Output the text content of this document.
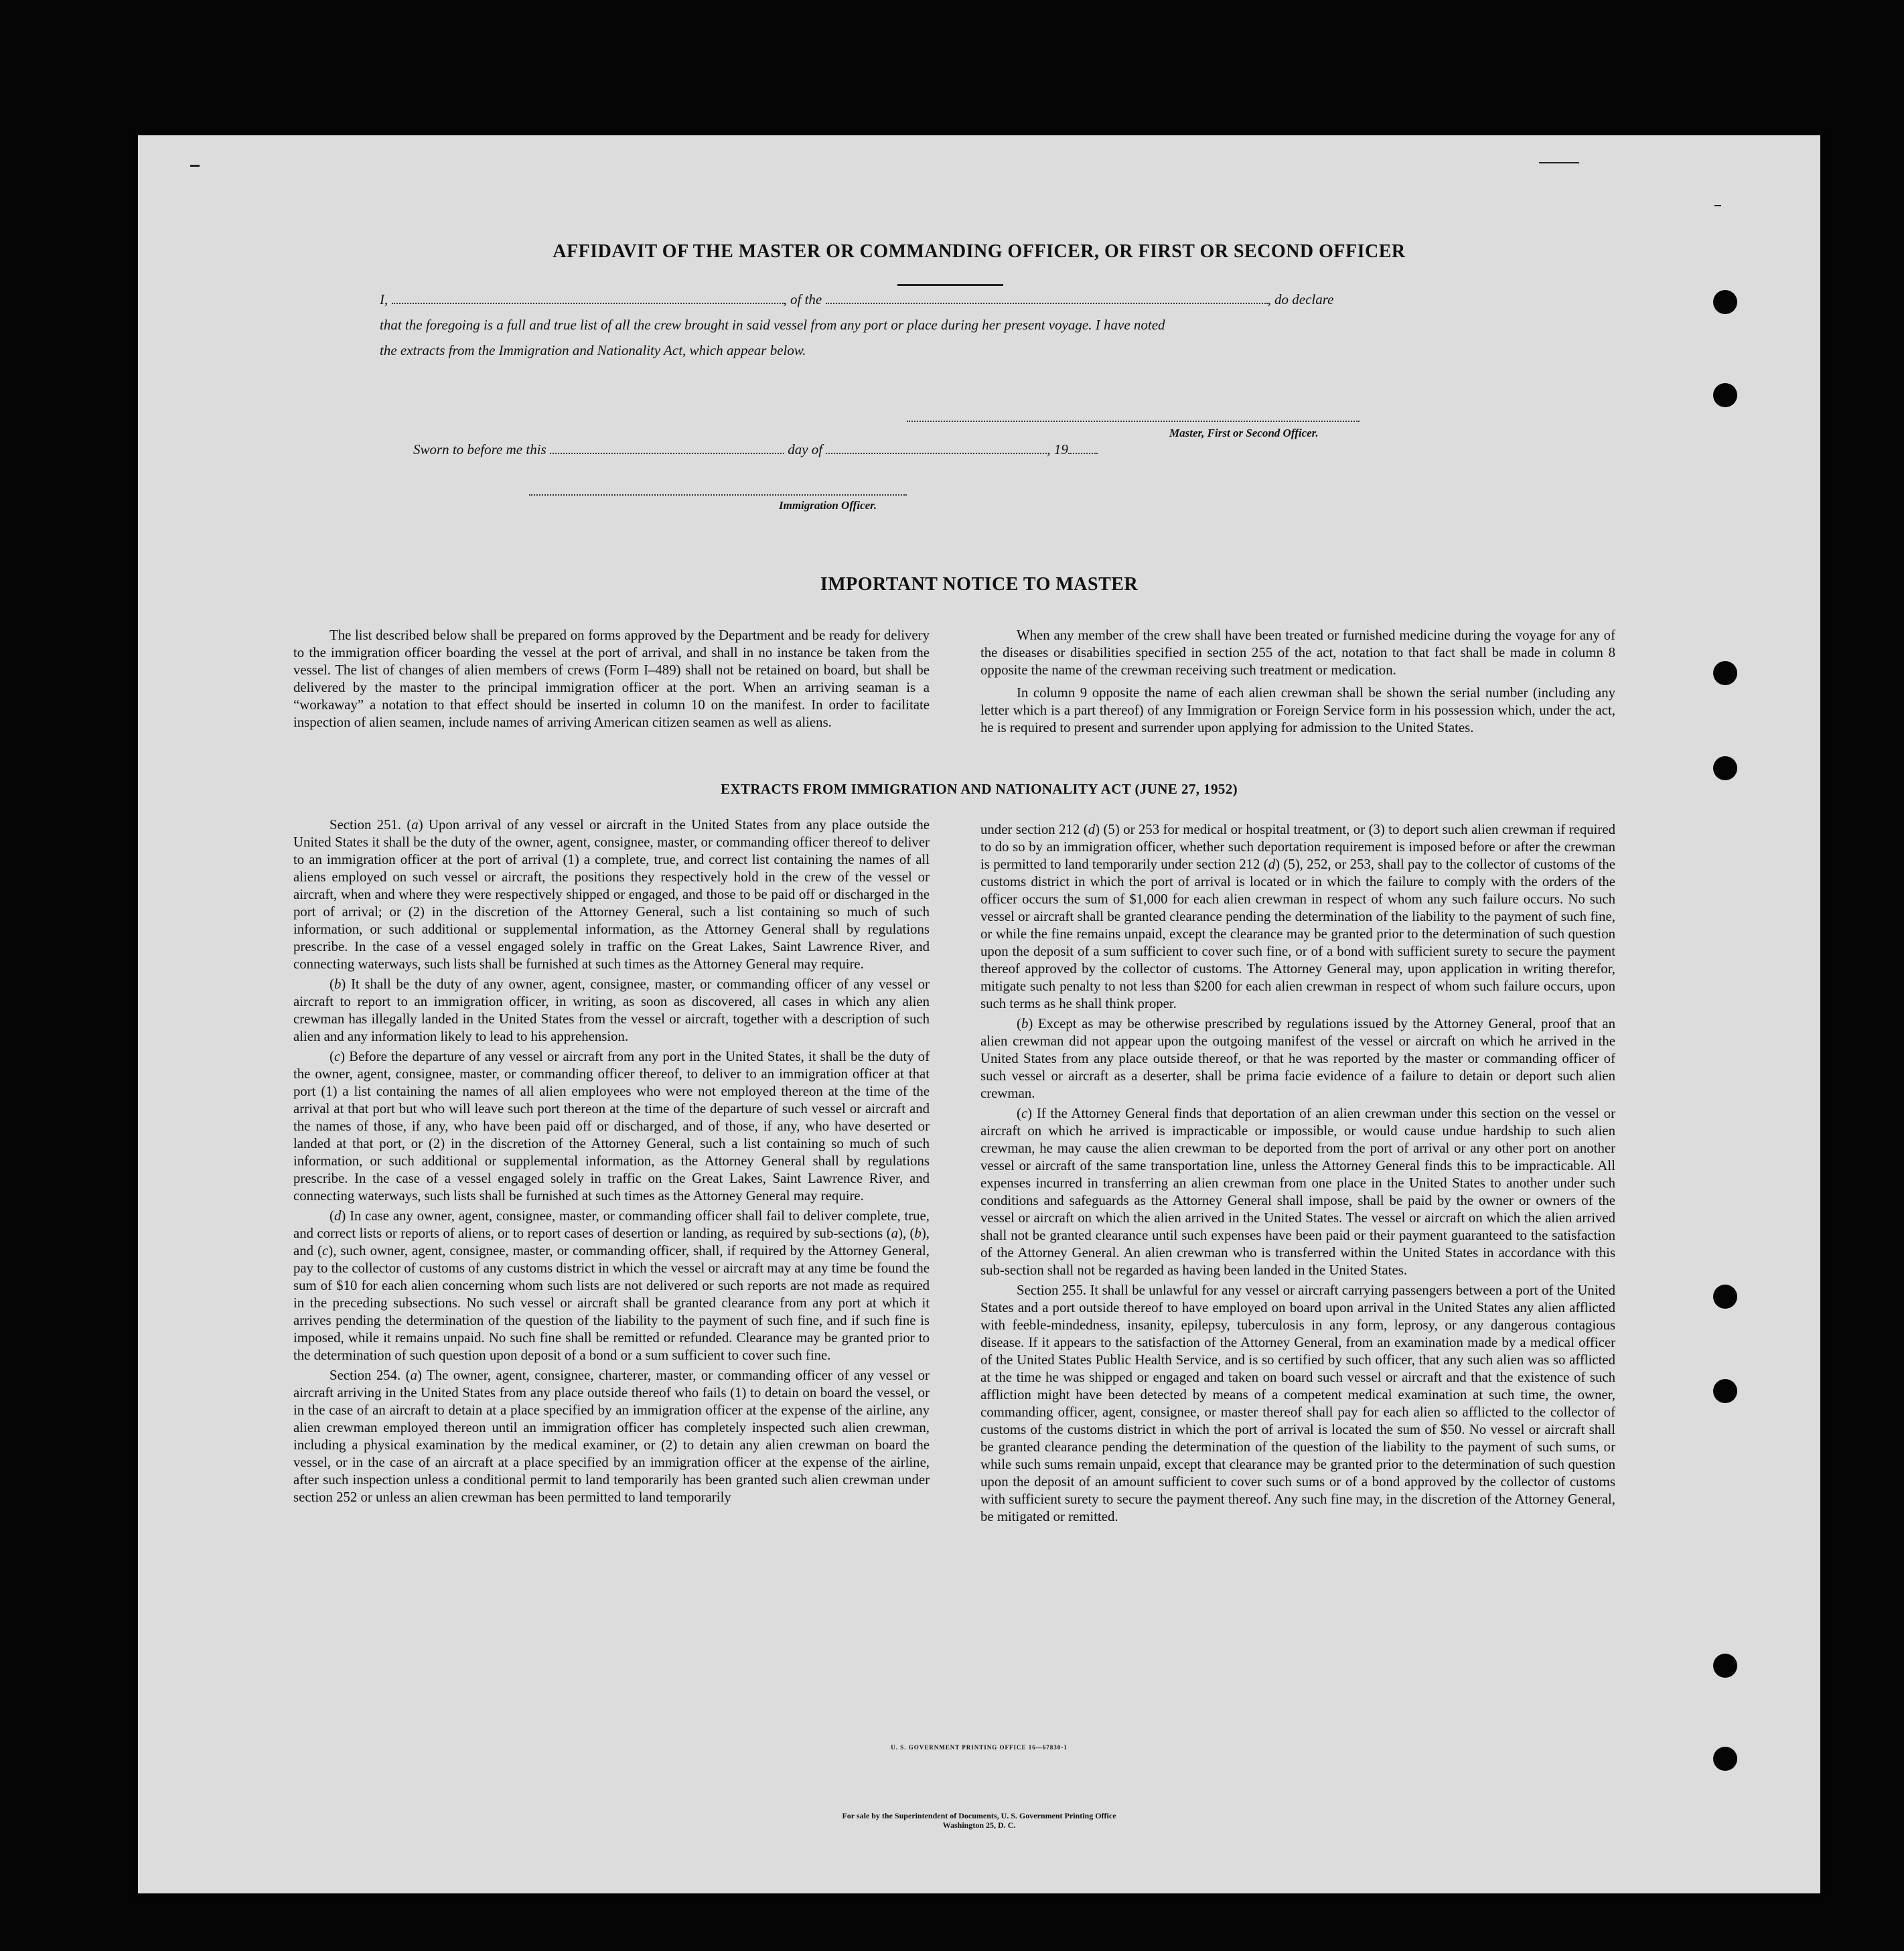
AFFIDAVIT OF THE MASTER OR COMMANDING OFFICER, OR FIRST OR SECOND OFFICER
I,	, of the	, do declare
that the foregoing is a full and true list of all the crew brought in said vessel from any port or place during her present voyage. I have noted
the extracts from the Immigration and Nationality Act, which appear below.
Master, First or Second Officer.
Sworn to before me this	day of	, 19
Immigration Officer.
IMPORTANT NOTICE TO MASTER

The list described below shall be prepared on forms approved by the Department and be ready for delivery to the immigration officer boarding the vessel at the port of arrival, and shall in no instance be taken from the vessel. The list of changes of alien members of crews (Form I–489) shall not be retained on board, but shall be delivered by the master to the principal immigration officer at the port. When an arriving seaman is a “workaway” a notation to that effect should be inserted in column 10 on the manifest. In order to facilitate inspection of alien seamen, include names of arriving American citizen seamen as well as aliens.

When any member of the crew shall have been treated or furnished medicine during the voyage for any of the diseases or disabilities specified in section 255 of the act, notation to that fact shall be made in column 8 opposite the name of the crewman receiving such treatment or medication.

In column 9 opposite the name of each alien crewman shall be shown the serial number (including any letter which is a part thereof) of any Immigration or Foreign Service form in his possession which, under the act, he is required to present and surrender upon applying for admission to the United States.

EXTRACTS FROM IMMIGRATION AND NATIONALITY ACT (JUNE 27, 1952)

Section 251. (a) Upon arrival of any vessel or aircraft in the United States from any place outside the United States it shall be the duty of the owner, agent, consignee, master, or commanding officer thereof to deliver to an immigration officer at the port of arrival (1) a complete, true, and correct list containing the names of all aliens employed on such vessel or aircraft, the positions they respectively hold in the crew of the vessel or aircraft, when and where they were respectively shipped or engaged, and those to be paid off or discharged in the port of arrival; or (2) in the discretion of the Attorney General, such a list containing so much of such information, or such additional or supplemental information, as the Attorney General shall by regulations prescribe. In the case of a vessel engaged solely in traffic on the Great Lakes, Saint Lawrence River, and connecting waterways, such lists shall be furnished at such times as the Attorney General may require.

(b) It shall be the duty of any owner, agent, consignee, master, or commanding officer of any vessel or aircraft to report to an immigration officer, in writing, as soon as discovered, all cases in which any alien crewman has illegally landed in the United States from the vessel or aircraft, together with a description of such alien and any information likely to lead to his apprehension.

(c) Before the departure of any vessel or aircraft from any port in the United States, it shall be the duty of the owner, agent, consignee, master, or commanding officer thereof, to deliver to an immigration officer at that port (1) a list containing the names of all alien employees who were not employed thereon at the time of the arrival at that port but who will leave such port thereon at the time of the departure of such vessel or aircraft and the names of those, if any, who have been paid off or discharged, and of those, if any, who have deserted or landed at that port, or (2) in the discretion of the Attorney General, such a list containing so much of such information, or such additional or supplemental information, as the Attorney General shall by regulations prescribe. In the case of a vessel engaged solely in traffic on the Great Lakes, Saint Lawrence River, and connecting waterways, such lists shall be furnished at such times as the Attorney General may require.

(d) In case any owner, agent, consignee, master, or commanding officer shall fail to deliver complete, true, and correct lists or reports of aliens, or to report cases of desertion or landing, as required by sub-sections (a), (b), and (c), such owner, agent, consignee, master, or commanding officer, shall, if required by the Attorney General, pay to the collector of customs of any customs district in which the vessel or aircraft may at any time be found the sum of $10 for each alien concerning whom such lists are not delivered or such reports are not made as required in the preceding subsections. No such vessel or aircraft shall be granted clearance from any port at which it arrives pending the determination of the question of the liability to the payment of such fine, and if such fine is imposed, while it remains unpaid. No such fine shall be remitted or refunded. Clearance may be granted prior to the determination of such question upon deposit of a bond or a sum sufficient to cover such fine.

Section 254. (a) The owner, agent, consignee, charterer, master, or commanding officer of any vessel or aircraft arriving in the United States from any place outside thereof who fails (1) to detain on board the vessel, or in the case of an aircraft to detain at a place specified by an immigration officer at the expense of the airline, any alien crewman employed thereon until an immigration officer has completely inspected such alien crewman, including a physical examination by the medical examiner, or (2) to detain any alien crewman on board the vessel, or in the case of an aircraft at a place specified by an immigration officer at the expense of the airline, after such inspection unless a conditional permit to land temporarily has been granted such alien crewman under section 252 or unless an alien crewman has been permitted to land temporarily

under section 212 (d) (5) or 253 for medical or hospital treatment, or (3) to deport such alien crewman if required to do so by an immigration officer, whether such deportation requirement is imposed before or after the crewman is permitted to land temporarily under section 212 (d) (5), 252, or 253, shall pay to the collector of customs of the customs district in which the port of arrival is located or in which the failure to comply with the orders of the officer occurs the sum of $1,000 for each alien crewman in respect of whom any such failure occurs. No such vessel or aircraft shall be granted clearance pending the determination of the liability to the payment of such fine, or while the fine remains unpaid, except the clearance may be granted prior to the determination of such question upon the deposit of a sum sufficient to cover such fine, or of a bond with sufficient surety to secure the payment thereof approved by the collector of customs. The Attorney General may, upon application in writing therefor, mitigate such penalty to not less than $200 for each alien crewman in respect of whom such failure occurs, upon such terms as he shall think proper.

(b) Except as may be otherwise prescribed by regulations issued by the Attorney General, proof that an alien crewman did not appear upon the outgoing manifest of the vessel or aircraft on which he arrived in the United States from any place outside thereof, or that he was reported by the master or commanding officer of such vessel or aircraft as a deserter, shall be prima facie evidence of a failure to detain or deport such alien crewman.

(c) If the Attorney General finds that deportation of an alien crewman under this section on the vessel or aircraft on which he arrived is impracticable or impossible, or would cause undue hardship to such alien crewman, he may cause the alien crewman to be deported from the port of arrival or any other port on another vessel or aircraft of the same transportation line, unless the Attorney General finds this to be impracticable. All expenses incurred in transferring an alien crewman from one place in the United States to another under such conditions and safeguards as the Attorney General shall impose, shall be paid by the owner or owners of the vessel or aircraft on which the alien arrived in the United States. The vessel or aircraft on which the alien arrived shall not be granted clearance until such expenses have been paid or their payment guaranteed to the satisfaction of the Attorney General. An alien crewman who is transferred within the United States in accordance with this sub-section shall not be regarded as having been landed in the United States.

Section 255. It shall be unlawful for any vessel or aircraft carrying passengers between a port of the United States and a port outside thereof to have employed on board upon arrival in the United States any alien afflicted with feeble-mindedness, insanity, epilepsy, tuberculosis in any form, leprosy, or any dangerous contagious disease. If it appears to the satisfaction of the Attorney General, from an examination made by a medical officer of the United States Public Health Service, and is so certified by such officer, that any such alien was so afflicted at the time he was shipped or engaged and taken on board such vessel or aircraft and that the existence of such affliction might have been detected by means of a competent medical examination at such time, the owner, commanding officer, agent, consignee, or master thereof shall pay for each alien so afflicted to the collector of customs of the customs district in which the port of arrival is located the sum of $50. No vessel or aircraft shall be granted clearance pending the determination of the question of the liability to the payment of such sums, or while such sums remain unpaid, except that clearance may be granted prior to the determination of such question upon the deposit of an amount sufficient to cover such sums or of a bond approved by the collector of customs with sufficient surety to secure the payment thereof. Any such fine may, in the discretion of the Attorney General, be mitigated or remitted.

U. S. GOVERNMENT PRINTING OFFICE 16—67830-1
For sale by the Superintendent of Documents, U. S. Government Printing Office
Washington 25, D. C.
